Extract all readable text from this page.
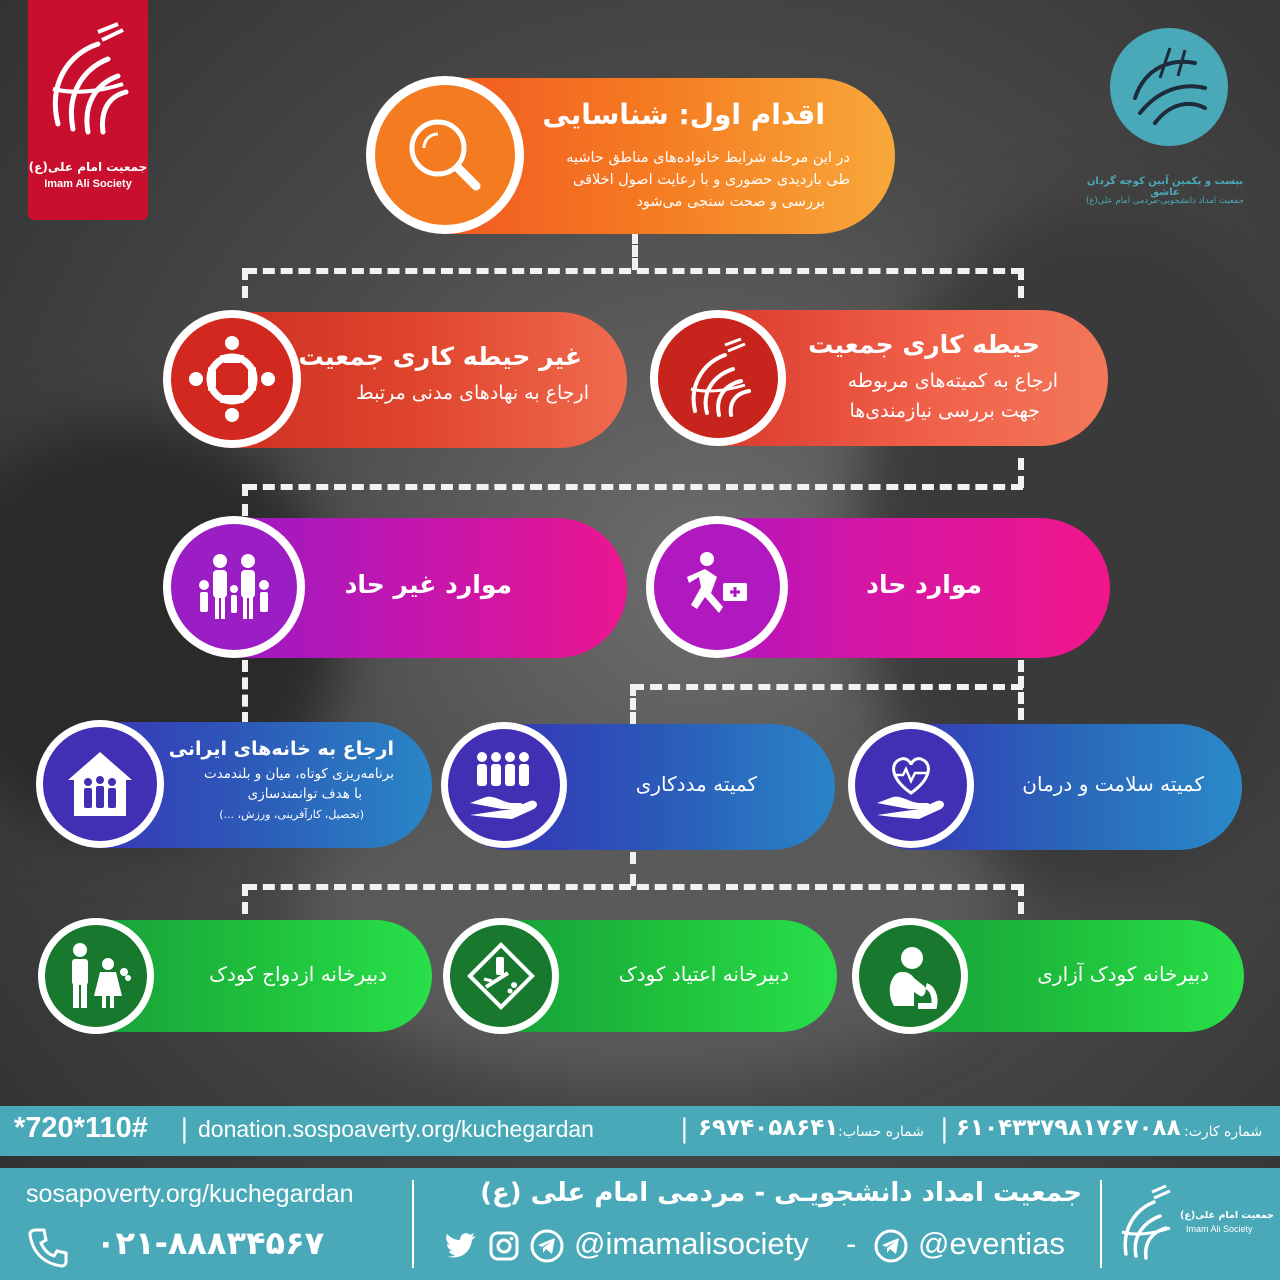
جمعیت امام علی(ع)
Imam Ali Society	بیست و یکمین آیین کوچه گردان عاشق
جمعیت امداد دانشجویی-مردمی امام علی(ع)
اقدام اول: شناسایی
در این مرحله شرایط خانواده‌های مناطق حاشیه
طی بازدیدی حضوری و با رعایت اصول اخلاقی
بررسی و صحت سنجی می‌شود
حیطه کاری جمعیت
ارجاع به کمیته‌های مربوطه
جهت بررسی نیازمندی‌ها
غیر حیطه کاری جمعیت
ارجاع به نهادهای مدنی مرتبط
موارد حاد
موارد غیر حاد
کمیته سلامت و درمان
کمیته مددکاری
ارجاع به خانه‌های ایرانی
برنامه‌ریزی کوتاه، میان و بلندمدت
با هدف توانمندسازی
(تحصیل، کارآفرینی، ورزش، ...)
دبیرخانه کودک آزاری
دبیرخانه اعتیاد کودک
دبیرخانه ازدواج کودک
*720*110# | donation.sospoaverty.org/kuchegardan	| ۶۹۷۴۰۵۸۶۴۱ شماره حساب: | ۶۱۰۴۳۳۷۹۸۱۷۶۷۰۸۸ شماره کارت:
sosapoverty.org/kuchegardan
۰۲۱-۸۸۸۳۴۵۶۷
جمعیت امداد دانشجویـی - مردمی امام علی (ع)
@imamalisociety - @eventias
جمعیت امام علی(ع)
Imam Ali Society
